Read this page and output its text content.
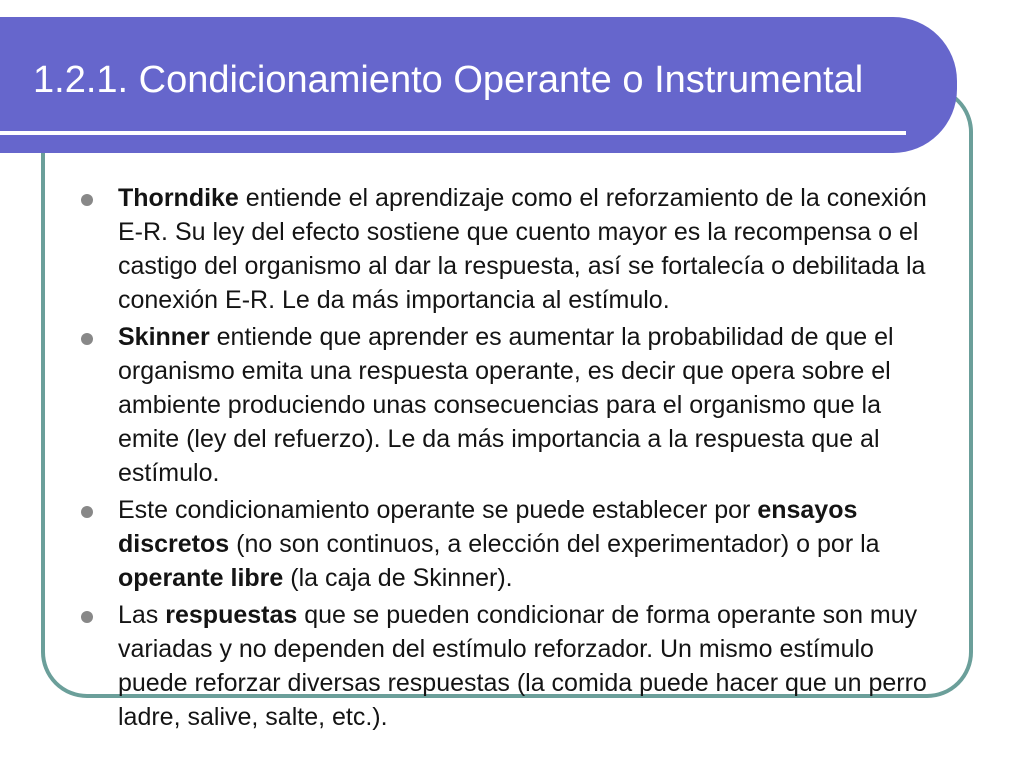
1.2.1. Condicionamiento Operante o Instrumental
Thorndike entiende el aprendizaje como el reforzamiento de la conexión E-R. Su ley del efecto sostiene que cuento mayor es la recompensa o el castigo del organismo al dar la respuesta, así se fortalecía o debilitada la conexión E-R. Le da más importancia al estímulo.
Skinner entiende que aprender es aumentar la probabilidad de que el organismo emita una respuesta operante, es decir que opera sobre el ambiente produciendo unas consecuencias para el organismo que la emite (ley del refuerzo). Le da más importancia a la respuesta que al estímulo.
Este condicionamiento operante se puede establecer por ensayos discretos (no son continuos, a elección del experimentador) o por la operante libre (la caja de Skinner).
Las respuestas que se pueden condicionar de forma operante son muy variadas y no dependen del estímulo reforzador. Un mismo estímulo puede reforzar diversas respuestas (la comida puede hacer que un perro ladre, salive, salte, etc.).
